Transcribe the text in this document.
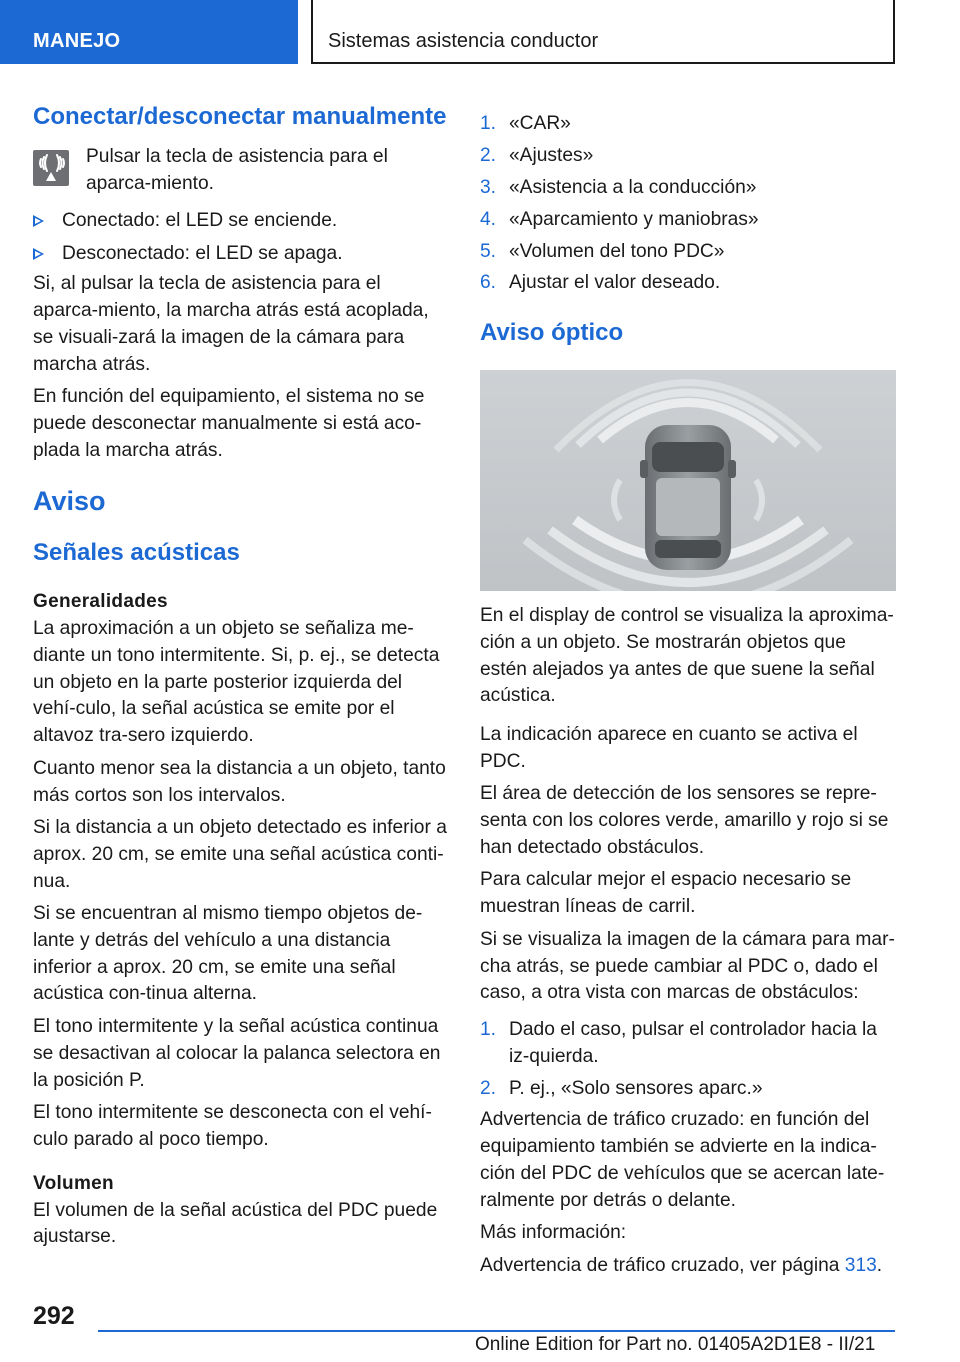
MANEJO	Sistemas asistencia conductor
Conectar/desconectar manualmente

Pulsar la tecla de asistencia para el aparca‐miento.

Conectado: el LED se enciende.
Desconectado: el LED se apaga.

Si, al pulsar la tecla de asistencia para el aparca‐miento, la marcha atrás está acoplada, se visuali‐zará la imagen de la cámara para marcha atrás.

En función del equipamiento, el sistema no se puede desconectar manualmente si está aco‐plada la marcha atrás.

Aviso
Señales acústicas
Generalidades

La aproximación a un objeto se señaliza me‐diante un tono intermitente. Si, p. ej., se detecta un objeto en la parte posterior izquierda del vehí‐culo, la señal acústica se emite por el altavoz tra‐sero izquierdo.

Cuanto menor sea la distancia a un objeto, tanto más cortos son los intervalos.

Si la distancia a un objeto detectado es inferior a aprox. 20 cm, se emite una señal acústica conti‐nua.

Si se encuentran al mismo tiempo objetos de‐lante y detrás del vehículo a una distancia inferior a aprox. 20 cm, se emite una señal acústica con‐tinua alterna.

El tono intermitente y la señal acústica continua se desactivan al colocar la palanca selectora en la posición P.

El tono intermitente se desconecta con el vehí‐culo parado al poco tiempo.

Volumen

El volumen de la señal acústica del PDC puede ajustarse.

1. «CAR»
2. «Ajustes»
3. «Asistencia a la conducción»
4. «Aparcamiento y maniobras»
5. «Volumen del tono PDC»
6. Ajustar el valor deseado.
Aviso óptico

En el display de control se visualiza la aproxima‐ción a un objeto. Se mostrarán objetos que estén alejados ya antes de que suene la señal acústica.

La indicación aparece en cuanto se activa el PDC.

El área de detección de los sensores se repre‐senta con los colores verde, amarillo y rojo si se han detectado obstáculos.

Para calcular mejor el espacio necesario se muestran líneas de carril.

Si se visualiza la imagen de la cámara para mar‐cha atrás, se puede cambiar al PDC o, dado el caso, a otra vista con marcas de obstáculos:

1. Dado el caso, pulsar el controlador hacia la iz‐quierda.
2. P. ej., «Solo sensores aparc.»

Advertencia de tráfico cruzado: en función del equipamiento también se advierte en la indica‐ción del PDC de vehículos que se acercan late‐ralmente por detrás o delante.

Más información:

Advertencia de tráfico cruzado, ver página 313.

292
Online Edition for Part no. 01405A2D1E8 - II/21
